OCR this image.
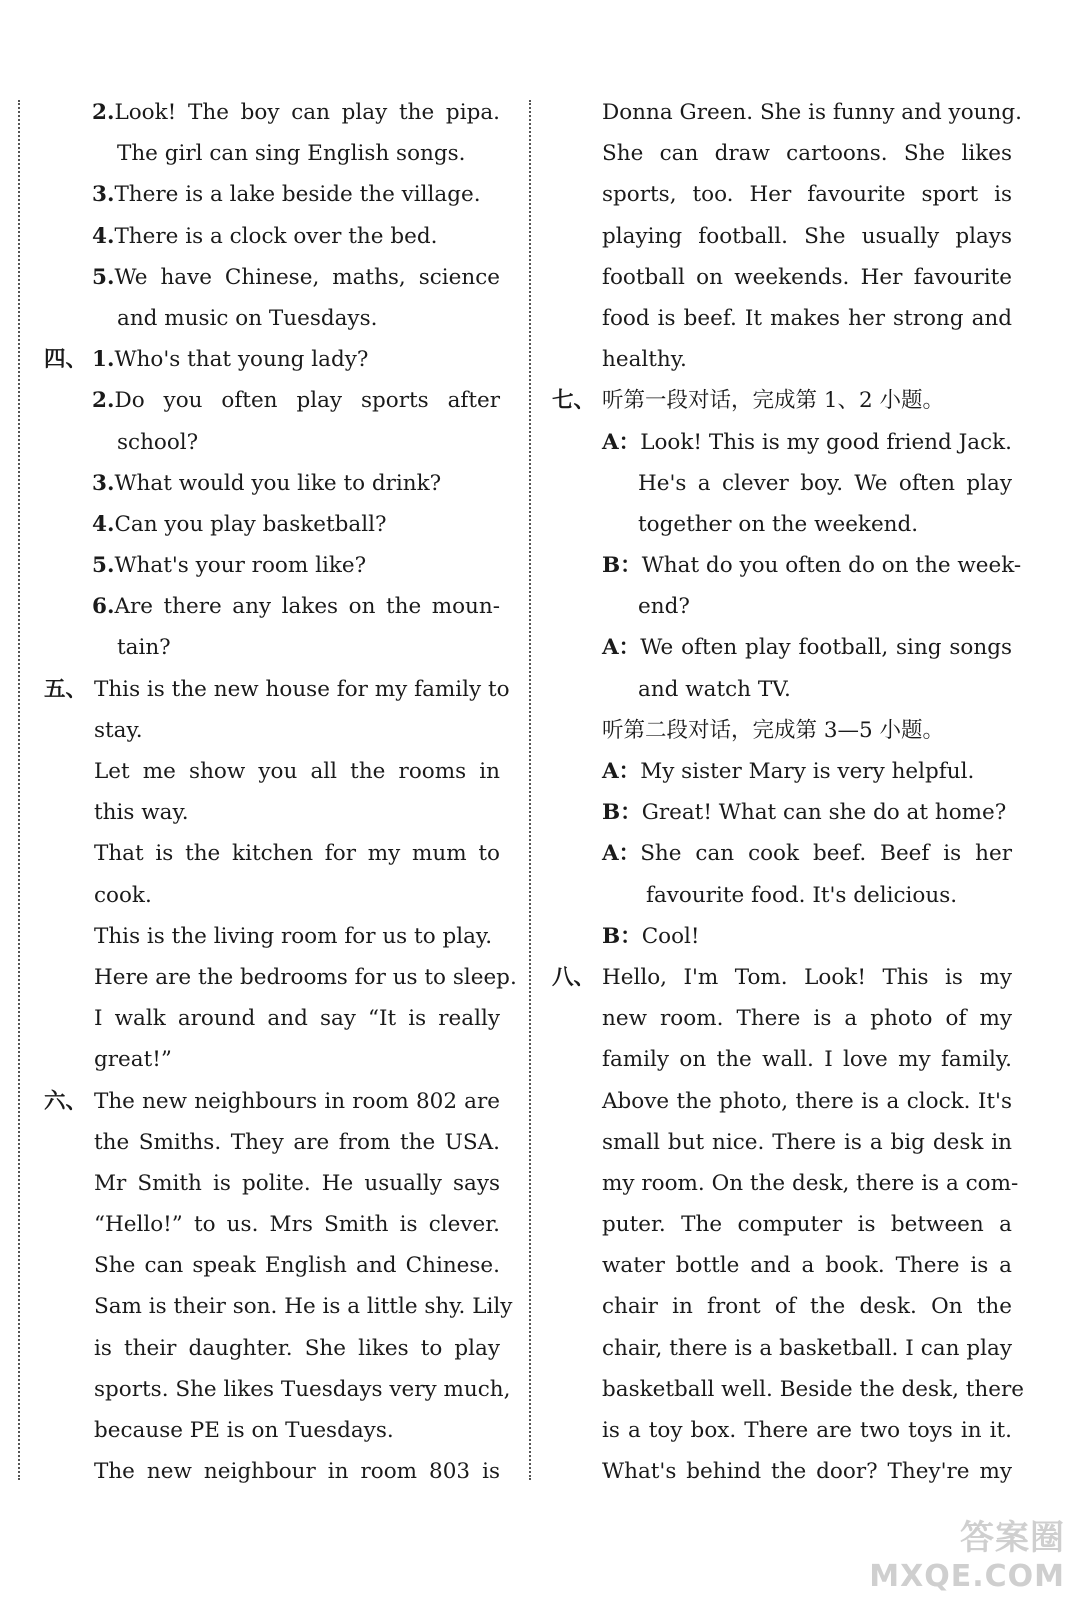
2.Look! The boy can play the pipa.
The girl can sing English songs.
3.There is a lake beside the village.
4.There is a clock over the bed.
5.We have Chinese, maths, science
and music on Tuesdays.
四、 1.Who's that young lady?
2.Do you often play sports after
school?
3.What would you like to drink?
4.Can you play basketball?
5.What's your room like?
6.Are there any lakes on the moun-
tain?
五、 This is the new house for my family to
stay.
Let me show you all the rooms in
this way.
That is the kitchen for my mum to
cook.
This is the living room for us to play.
Here are the bedrooms for us to sleep.
I walk around and say “It is really
great!”
六、 The new neighbours in room 802 are
the Smiths. They are from the USA.
Mr Smith is polite. He usually says
“Hello!” to us. Mrs Smith is clever.
She can speak English and Chinese.
Sam is their son. He is a little shy. Lily
is their daughter. She likes to play
sports. She likes Tuesdays very much,
because PE is on Tuesdays.
The new neighbour in room 803 is
Donna Green. She is funny and young.
She can draw cartoons. She likes
sports, too. Her favourite sport is
playing football. She usually plays
football on weekends. Her favourite
food is beef. It makes her strong and
healthy.
七、 听第一段对话，完成第 1、2 小题。
A：Look! This is my good friend Jack.
He's a clever boy. We often play
together on the weekend.
B：What do you often do on the week-
end?
A：We often play football, sing songs
and watch TV.
听第二段对话，完成第 3—5 小题。
A：My sister Mary is very helpful.
B：Great! What can she do at home?
A：She can cook beef. Beef is her
favourite food. It's delicious.
B：Cool!
八、 Hello, I'm Tom. Look! This is my
new room. There is a photo of my
family on the wall. I love my family.
Above the photo, there is a clock. It's
small but nice. There is a big desk in
my room. On the desk, there is a com-
puter. The computer is between a
water bottle and a book. There is a
chair in front of the desk. On the
chair, there is a basketball. I can play
basketball well. Beside the desk, there
is a toy box. There are two toys in it.
What's behind the door? They're my
答案圈
MXQE.COM
